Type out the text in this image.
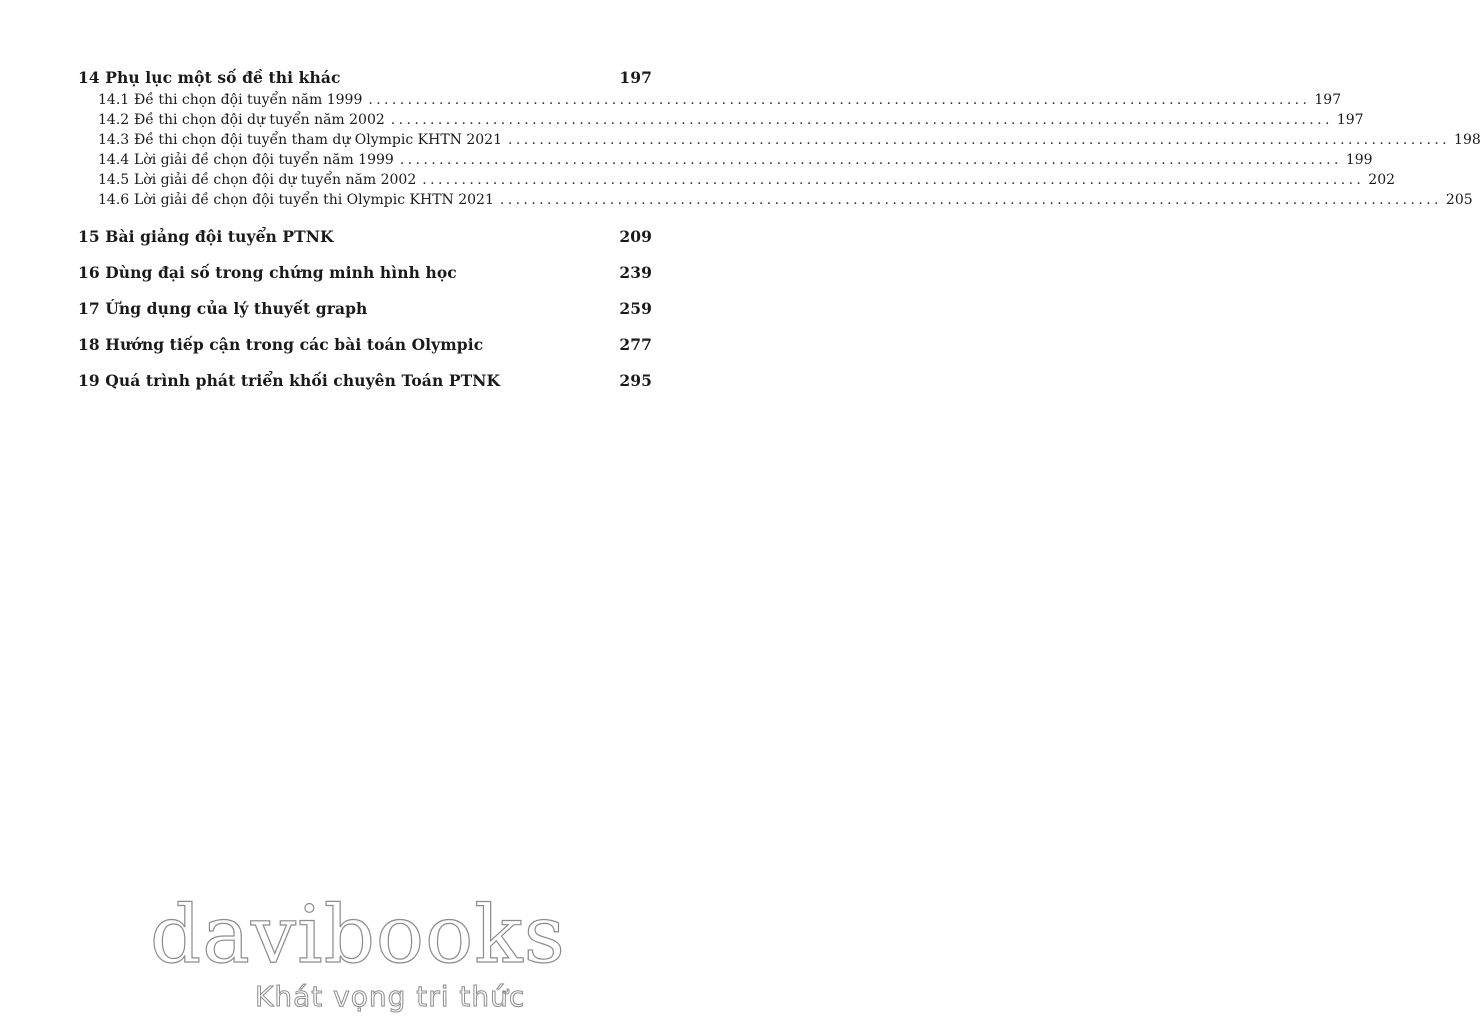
14 Phụ lục một số đề thi khác	197
14.1 Đề thi chọn đội tuyển năm 1999 ........................................................................................................................ 197
14.2 Đề thi chọn đội dự tuyển năm 2002 ........................................................................................................................ 197
14.3 Đề thi chọn đội tuyển tham dự Olympic KHTN 2021 ........................................................................................................................ 198
14.4 Lời giải đề chọn đội tuyển năm 1999 ........................................................................................................................ 199
14.5 Lời giải đề chọn đội dự tuyển năm 2002 ........................................................................................................................ 202
14.6 Lời giải đề chọn đội tuyển thi Olympic KHTN 2021 ........................................................................................................................ 205
15 Bài giảng đội tuyển PTNK	209
16 Dùng đại số trong chứng minh hình học	239
17 Ứng dụng của lý thuyết graph	259
18 Hướng tiếp cận trong các bài toán Olympic	277
19 Quá trình phát triển khối chuyên Toán PTNK	295
davibooks
Khát vọng tri thức
